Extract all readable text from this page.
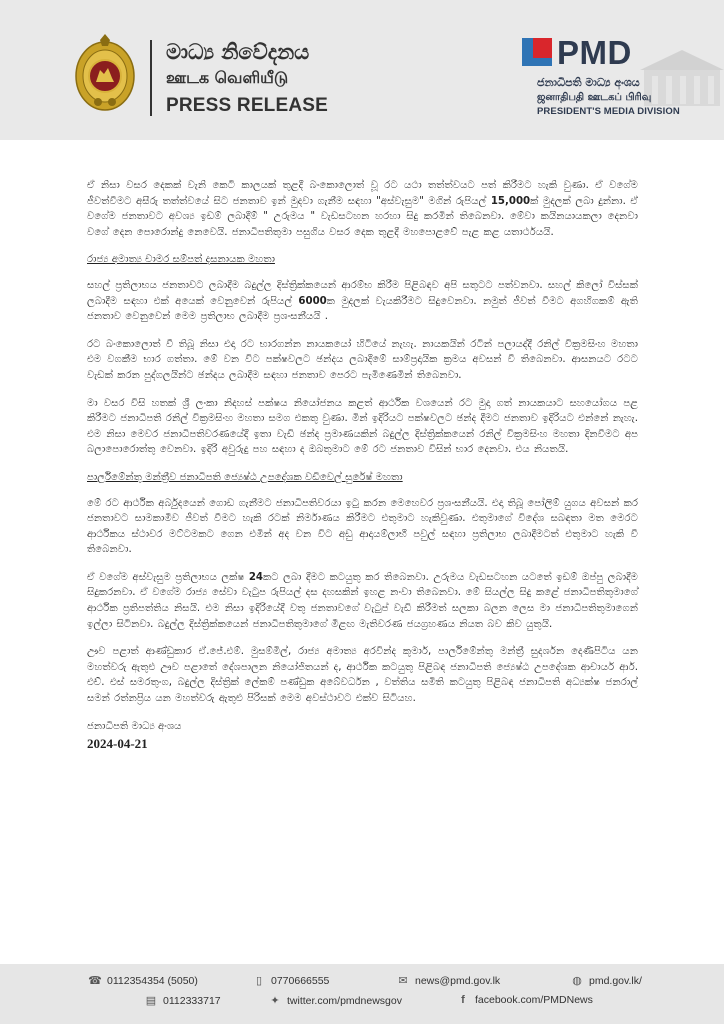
මාධ්‍ය නිවේදනය
ஊடக வெளியீடு
PRESS RELEASE
PMD
ජනාධිපති මාධ්‍ය අංශය
ஜனாதிபதி ஊடகப் பிரிவு
PRESIDENT'S MEDIA DIVISION

ඒ නිසා වසර දෙකක් වැනි කෙටි කාලයක් තුළදී බංකොලොත් වූ රට යථා තත්ත්වයට පත් කිරීමට හැකි වුණා. ඒ වගේම ජීවත්වීමට අසීරු තත්ත්වයේ සිට ජනතාව ඉන් මුදවා ගැනීම සඳහා "අස්වැසුම" මගින් රුපියල් 15,000ක් මුදලක් ලබා දුන්නා. ඒ වගේම ජනතාවට අවශ්‍ය ඉඩම් ලබාදීම් " උරුමය " වැඩසටහන හරහා සිදු කරමින් තිබෙනවා. මේවා කයිනයායකලා දෙනවා වගේ දෙන පොරොන්දු නෙවෙයි. ජනාධිපතිතුමා පසුගිය වසර දෙක තුළදී මහපොළවේ පැළ කළ යතාර්ථයයි.

රාජ්‍ය අමාත්‍ය චාමර සම්පත් දසනායක මහතා

සහල් ප්‍රතිලාභය ජනතාවට ලබාදීම බදුල්ල දිස්ත්‍රික්කයෙන් ආරම්භ කිරීම පිළිබඳව අපි සතුටට පත්වනවා. සහල් කිලෝ විස්සක් ලබාදීම සඳහා එක් අයෙක් වෙනුවෙන් රුපියල් 6000ක මුදලක් වැයකිරීමට සිදුවෙනවා. නමුත් ජීවත් වීමට අගහිගකම් ඇති ජනතාව වෙනුවෙන් මෙම ප්‍රතිලාභ ලබාදීම ප්‍රශංසනීයයි .

රට බංකොලොත් වී තිබූ නිසා එදා රට භාරගන්න නායකයෝ හිටියේ නැහැ. නායකයින් රටින් පලායද්දී රනිල් වික්‍රමසිංහ මහතා එම වගකීම භාර ගත්තා. මේ වන විට පක්ෂවලට ඡන්දය ලබාදීමේ සාම්ප්‍රදායික ක්‍රමය අවසන් වී තිබෙනවා. ආසනයට රටට වැඩක් කරන පුද්ගලයින්ට ඡන්දය ලබාදීම සඳහා ජනතාව පෙරට පැමිණෙමින් තිබෙනවා.

මා වසර විසි හතක් ශ්‍රී ලංකා නිදහස් පක්ෂය නියෝජනය කළත් ආර්ථික වශයෙන් රට මුදා ගත් නායකයාට සහයෝගය පළ කිරීමට ජනාධිපති රනිල් වික්‍රමසිංහ මහතා සමග එකතු වුණා. මින් ඉදිරියට පක්ෂවලට ඡන්ද දීමට ජනතාව ඉදිරියට එන්නේ නැහැ. එම නිසා මෙවර ජනාධිපතිවරණයේදී ඉතා වැඩි ඡන්ද ප්‍රමාණයකින් බදුල්ල දිස්ත්‍රික්කයෙන් රනිල් වික්‍රමසිංහ මහතා දිනවීමට අප බලාපොරොත්තු වෙනවා. ඉදිරි අවුරුදු පහ සඳහා ද ඔබතුමාට මේ රට ජනතාව විසින් භාර දෙනවා. එය නියතයි.

පාර්ලිමේන්තු මන්ත්‍රීව ජනාධිපති ජ්‍යෙෂ්ඨ උපදේශක වඩිවෙල් සුරේෂ් මහතා

මේ රට ආර්ථික අර්බුදයෙන් ගොඩ ගැනීමට ජනාධිපතිවරයා ඉටු කරන මෙහෙවර ප්‍රශංසනීයයි. එදා තිබූ පෝලිම් යුගය අවසන් කර ජනතාවට සාමකාමීව ජීවත් වීමට හැකි රටක් නිර්මාණය කිරීමට එතුමාට හැකිවුණා. එතුමාගේ විදේශ සබඳතා මත මෙරට ආර්ථිකය ස්ථාවර මට්ටමකට ගෙන එමින් අද වන විට අඩු ආදායම්ලාභී පවුල් සඳහා ප්‍රතිලාභ ලබාදීමටත් එතුමාට හැකි වී තිබෙනවා.

ඒ වගේම අස්වැසුම ප්‍රතිලාභය ලක්ෂ 24කට ලබා දීමට කටයුතු කර තිබෙනවා. උරුමය වැඩසටහන යටතේ ඉඩම් ඔප්පු ලබාදීම සිදුකරනවා. ඒ වගේම රාජ්‍ය සේවා වැටුප රුපියල් දස දහසකින් ඉහළ නංවා තිබෙනවා. මේ සියල්ල සිදු කළේ ජනාධිපතිතුමාගේ ආර්ථික ප්‍රතිපත්තිය නිසයි. එම නිසා ඉදිරියේදී වතු ජනතාවගේ වැටුප් වැඩි කිරීමත් සලකා බලන ලෙස මා ජනාධිපතිතුමාගෙන් ඉල්ලා සිටිනවා. බදුල්ල දිස්ත්‍රික්කයෙන් ජනාධිපතිතුමාගේ මීළඟ මැතිවරණ ජයග්‍රහණය නියත බව කිව යුතුයි.

ඌව පළාත් ආණ්ඩුකාර ඒ.ජේ.එම්. මුසම්මිල්, රාජ්‍ය අමාත්‍ය අරවින්ද කුමාර්, පාර්ලිමේන්තු මන්ත්‍රී සුදර්ශන දෙණිපිටිය යන මහත්වරු ඇතුළු ඌව පළාතේ දේශපාලන නියෝජිතයන් ද, ආර්ථික කටයුතු පිළිබඳ ජනාධිපති ජ්‍යෙෂ්ඨ උපදේශක ආචාර්ය ආර්. එච්. එස් සමරතුංග, බදුල්ල දිස්ත්‍රික් ලේකම් පණ්ඩුක අබේවර්ධන , වත්තිය සමිති කටයුතු පිළිබඳ ජනාධිපති අධ්‍යක්ෂ ජනරාල් සමන් රත්නප්‍රිය යන මහත්වරු ඇතුළු පිරිසක් මෙම අවස්ථාවට එක්ව සිටියහ.

ජනාධිපති මාධ්‍ය අංශය
2024-04-21
☎ 0112354354 (5050)	▯ 0770666555	✉ news@pmd.gov.lk	◍ pmd.gov.lk/
▤ 0112333717	✦ twitter.com/pmdnewsgov	f facebook.com/PMDNews
